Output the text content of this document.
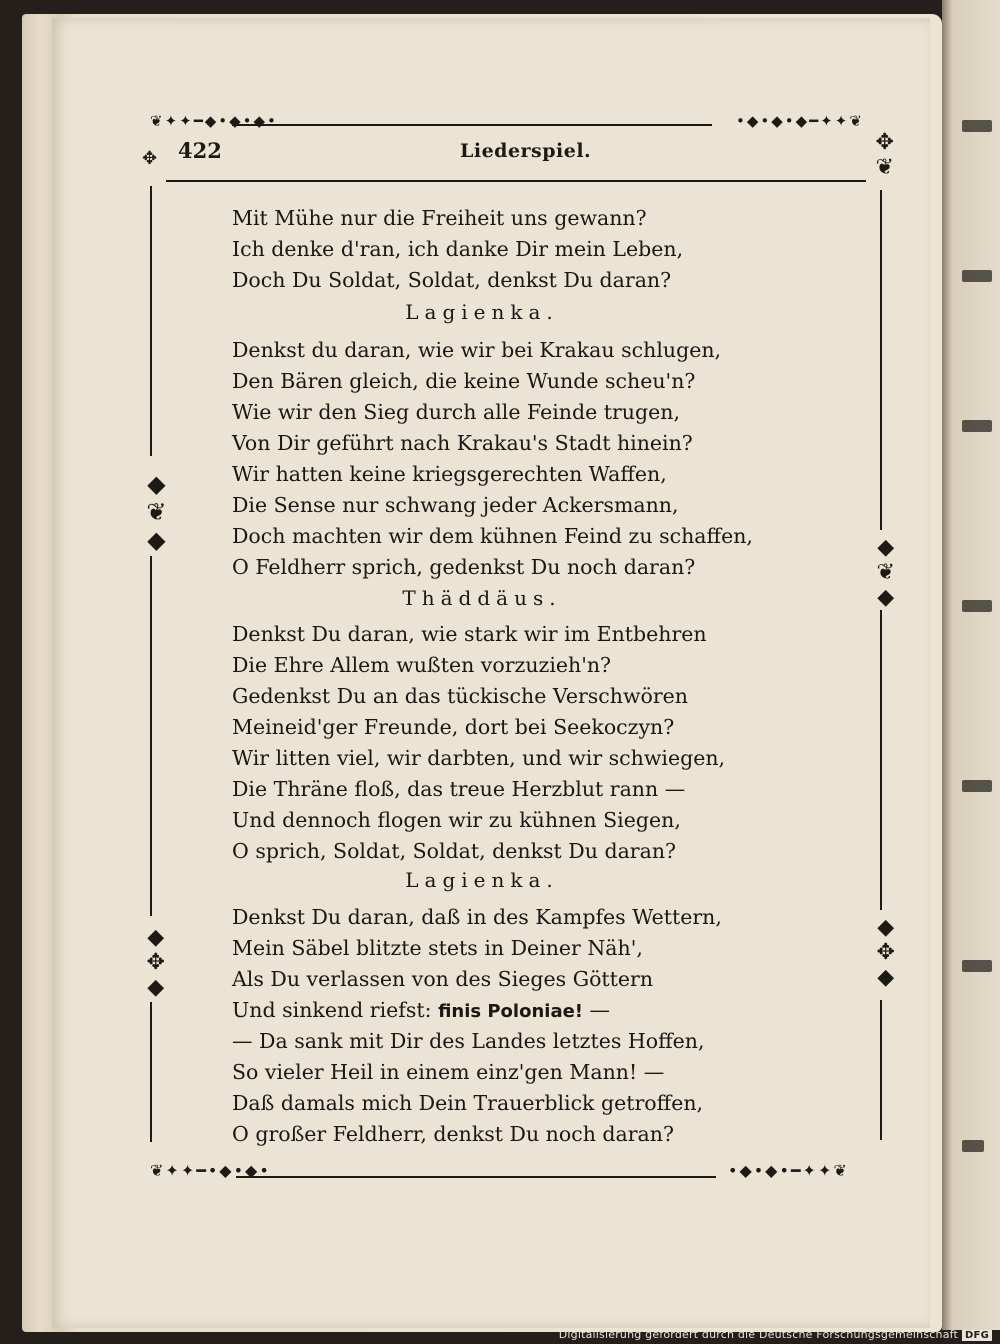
❦✦✦━◆•◆•◆•	•◆•◆•◆━✦✦❦
✥
◆❦◆
◆✥◆
✥❦
◆❦◆
◆✥◆
❦✦✦━•◆•◆•	•◆•◆•━✦✦❦
422	Liederspiel.
Mit Mühe nur die Freiheit uns gewann?
Ich denke d'ran, ich danke Dir mein Leben,
Doch Du Soldat, Soldat, denkst Du daran?
Lagienka.
Denkst du daran, wie wir bei Krakau schlugen,
Den Bären gleich, die keine Wunde scheu'n?
Wie wir den Sieg durch alle Feinde trugen,
Von Dir geführt nach Krakau's Stadt hinein?
Wir hatten keine kriegsgerechten Waffen,
Die Sense nur schwang jeder Ackersmann,
Doch machten wir dem kühnen Feind zu schaffen,
O Feldherr sprich, gedenkst Du noch daran?
Thäddäus.
Denkst Du daran, wie stark wir im Entbehren
Die Ehre Allem wußten vorzuzieh'n?
Gedenkst Du an das tückische Verschwören
Meineid'ger Freunde, dort bei Seekoczyn?
Wir litten viel, wir darbten, und wir schwiegen,
Die Thräne floß, das treue Herzblut rann —
Und dennoch flogen wir zu kühnen Siegen,
O sprich, Soldat, Soldat, denkst Du daran?
Lagienka.
Denkst Du daran, daß in des Kampfes Wettern,
Mein Säbel blitzte stets in Deiner Näh',
Als Du verlassen von des Sieges Göttern
Und sinkend riefst: finis Poloniae! —
— Da sank mit Dir des Landes letztes Hoffen,
So vieler Heil in einem einz'gen Mann! —
Daß damals mich Dein Trauerblick getroffen,
O großer Feldherr, denkst Du noch daran?
Digitalisierung gefördert durch die Deutsche Forschungsgemeinschaft DFG
